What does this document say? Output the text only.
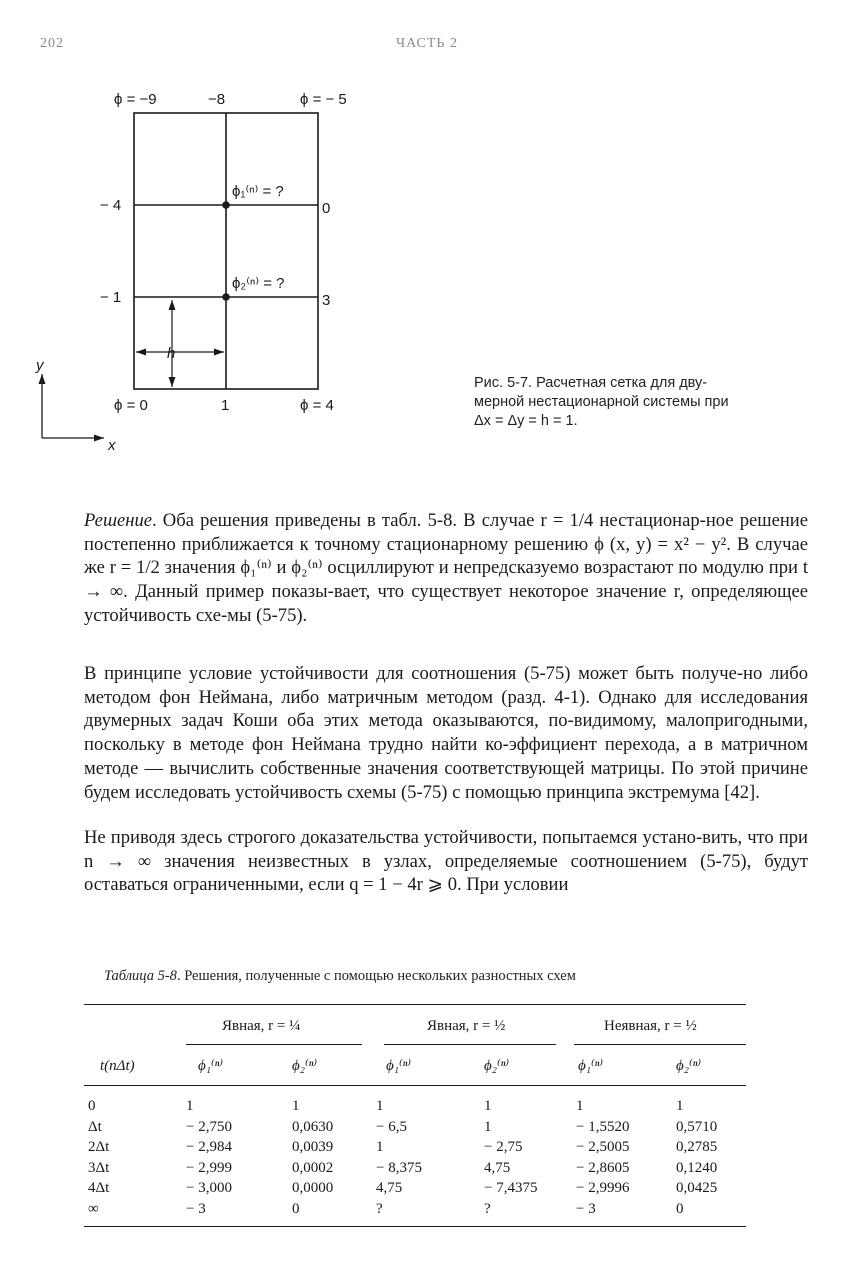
202	ЧАСТЬ 2
ϕ = −9	−8	ϕ = − 5
− 4
− 1
0
3
ϕ = 0	1	ϕ = 4
ϕ₁⁽ⁿ⁾ = ?
ϕ₂⁽ⁿ⁾ = ?
h
y
x
Рис. 5-7. Расчетная сетка для дву-
мерной нестационарной системы при
Δx = Δy = h = 1.

Решение. Оба решения приведены в табл. 5-8. В случае r = 1/4 нестационар-ное решение постепенно приближается к точному стационарному решению ϕ (x, y) = x² − y². В случае же r = 1/2 значения ϕ₁⁽ⁿ⁾ и ϕ₂⁽ⁿ⁾ осциллируют и непредсказуемо возрастают по модулю при t → ∞. Данный пример показы-вает, что существует некоторое значение r, определяющее устойчивость схе-мы (5-75).

В принципе условие устойчивости для соотношения (5-75) может быть получе-но либо методом фон Неймана, либо матричным методом (разд. 4-1). Однако для исследования двумерных задач Коши оба этих метода оказываются, по-видимому, малопригодными, поскольку в методе фон Неймана трудно найти ко-эффициент перехода, а в матричном методе — вычислить собственные значения соответствующей матрицы. По этой причине будем исследовать устойчивость схемы (5-75) с помощью принципа экстремума [42].

Не приводя здесь строгого доказательства устойчивости, попытаемся устано-вить, что при n → ∞ значения неизвестных в узлах, определяемые соотношением (5-75), будут оставаться ограниченными, если q = 1 − 4r ⩾ 0. При условии

Таблица 5-8. Решения, полученные с помощью нескольких разностных схем
Явная, r = ¼	Явная, r = ½	Неявная, r = ½
t(nΔt)	ϕ₁⁽ⁿ⁾	ϕ₂⁽ⁿ⁾	ϕ₁⁽ⁿ⁾	ϕ₂⁽ⁿ⁾	ϕ₁⁽ⁿ⁾	ϕ₂⁽ⁿ⁾
0	1	1	1	1	1	1
Δt	− 2,750	0,0630	− 6,5	1	− 1,5520	0,5710
2Δt	− 2,984	0,0039	1	− 2,75	− 2,5005	0,2785
3Δt	− 2,999	0,0002	− 8,375	4,75	− 2,8605	0,1240
4Δt	− 3,000	0,0000	4,75	− 7,4375	− 2,9996	0,0425
∞	− 3	0	?	?	− 3	0
